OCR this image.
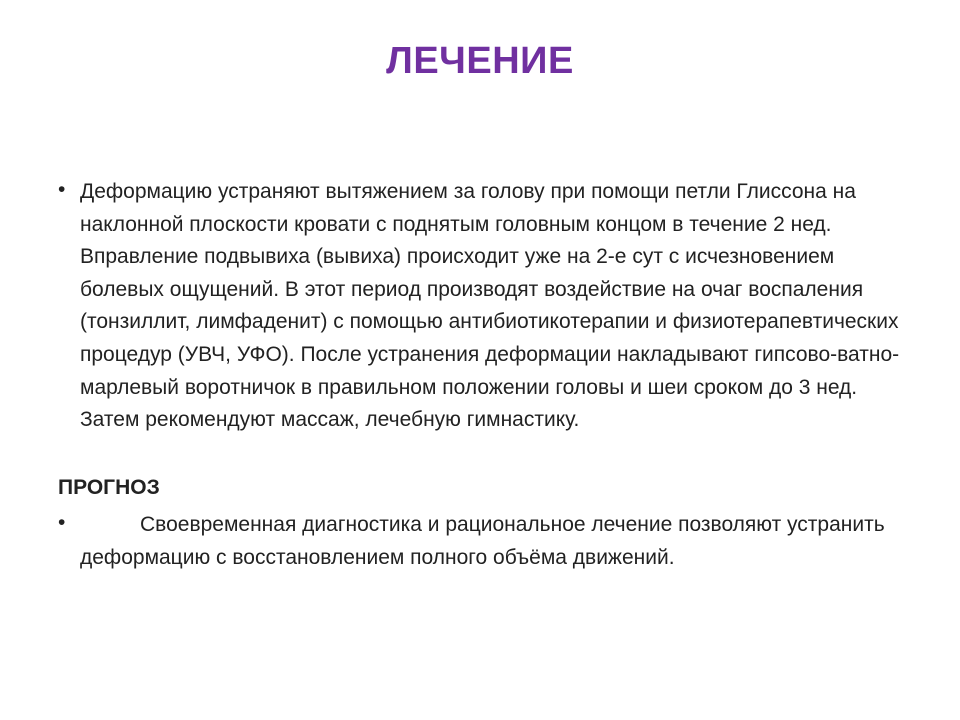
ЛЕЧЕНИЕ
• Деформацию устраняют вытяжением за голову при помощи петли Глиссона на наклонной плоскости кровати с поднятым головным концом в течение 2 нед. Вправление подвывиха (вывиха) происходит уже на 2-е сут с исчезновением болевых ощущений. В этот период производят воздействие на очаг воспаления (тонзиллит, лимфаденит) с помощью антибиотикотерапии и физиотерапевтических процедур (УВЧ, УФО). После устранения деформации накладывают гипсово-ватно-марлевый воротничок в правильном положении головы и шеи сроком до 3 нед. Затем рекомендуют массаж, лечебную гимнастику.
ПРОГНОЗ
•	Своевременная диагностика и рациональное лечение позволяют устранить деформацию с восстановлением полного объёма движений.
